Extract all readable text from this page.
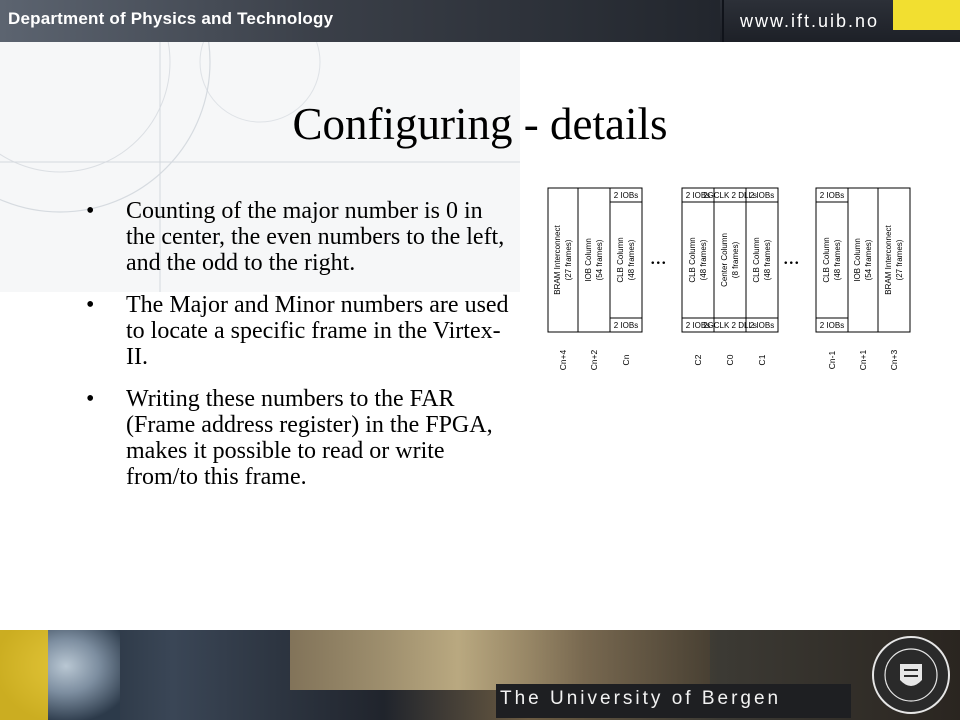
Department of Physics and Technology	www.ift.uib.no
Configuring - details
• Counting of the major number is 0 in the center, the even numbers to the left, and the odd to the right.
• The Major and Minor numbers are used to locate a specific frame in the Virtex-II.
• Writing these numbers to the FAR (Frame address register) in the FPGA, makes it possible to read or write from/to this frame.
...	...
BRAM Interconnect (27 frames) IOB Column (54 frames) CLB Column (48 frames)	CLB Column (48 frames) Center Column (8 frames) CLB Column (48 frames)	CLB Column (48 frames) IOB Column (54 frames) BRAM Interconnect (27 frames)
2 IOBs
2 IOBs
2 IOBs
2 IOBs
2GCLK 2 DLLs
2GCLK 2 DLLs
2 IOBs
2 IOBs
2 IOBs
2 IOBs
Cn+4 Cn+2	Cn	C2	C0	C1	Cn-1 Cn+1 Cn+3
The University of Bergen
